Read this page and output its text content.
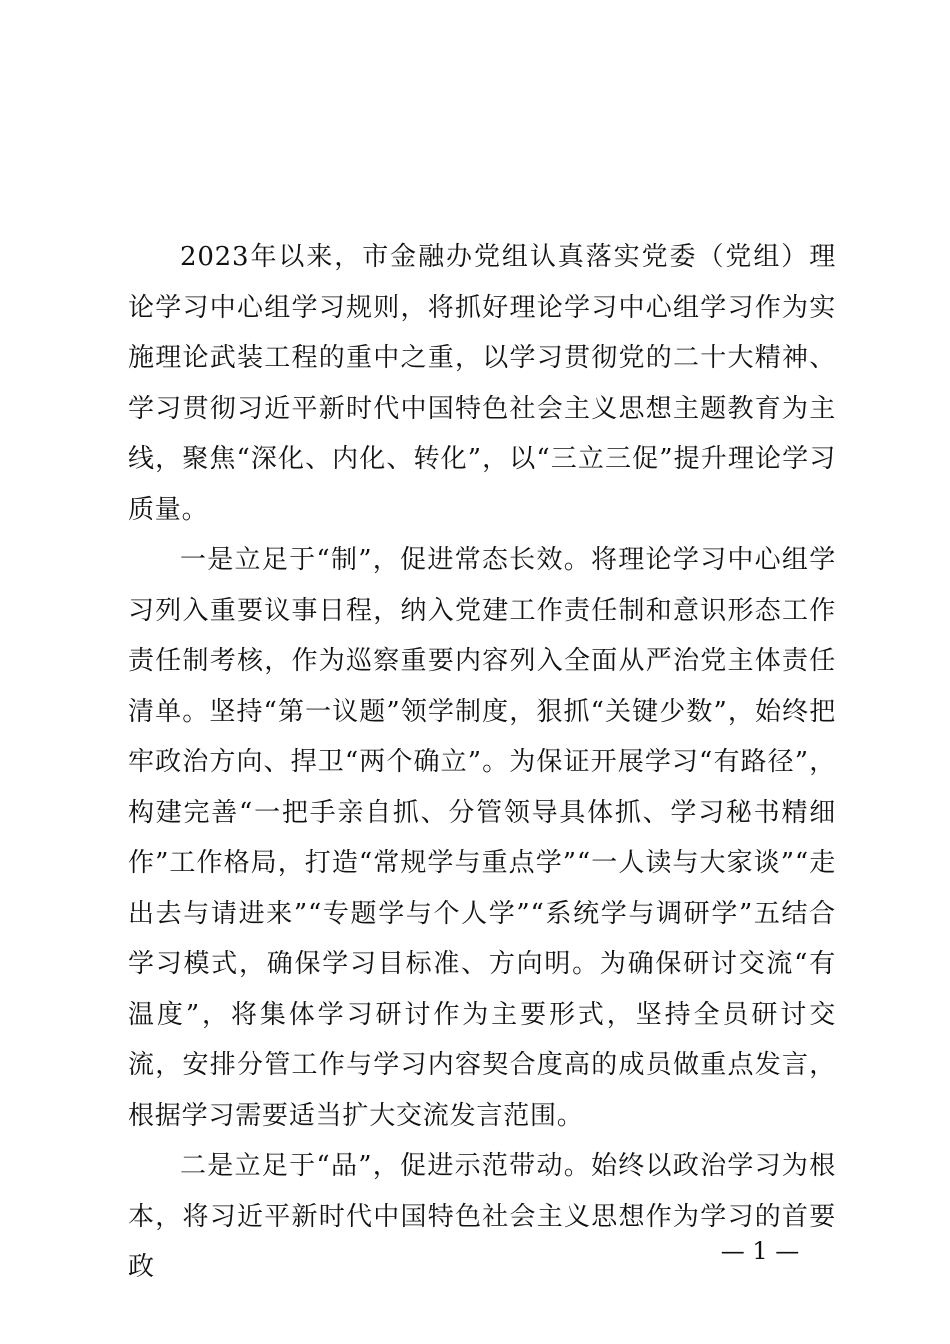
2023年以来，市金融办党组认真落实党委（党组）理论学习中心组学习规则，将抓好理论学习中心组学习作为实施理论武装工程的重中之重，以学习贯彻党的二十大精神、学习贯彻习近平新时代中国特色社会主义思想主题教育为主线，聚焦“深化、内化、转化”，以“三立三促”提升理论学习质量。

一是立足于“制”，促进常态长效。将理论学习中心组学习列入重要议事日程，纳入党建工作责任制和意识形态工作责任制考核，作为巡察重要内容列入全面从严治党主体责任清单。坚持“第一议题”领学制度，狠抓“关键少数”，始终把牢政治方向、捍卫“两个确立”。为保证开展学习“有路径”，构建完善“一把手亲自抓、分管领导具体抓、学习秘书精细作”工作格局，打造“常规学与重点学”“一人读与大家谈”“走出去与请进来”“专题学与个人学”“系统学与调研学”五结合学习模式，确保学习目标准、方向明。为确保研讨交流“有温度”，将集体学习研讨作为主要形式，坚持全员研讨交流，安排分管工作与学习内容契合度高的成员做重点发言，根据学习需要适当扩大交流发言范围。

二是立足于“品”，促进示范带动。始终以政治学习为根本，将习近平新时代中国特色社会主义思想作为学习的首要政

— 1 —
